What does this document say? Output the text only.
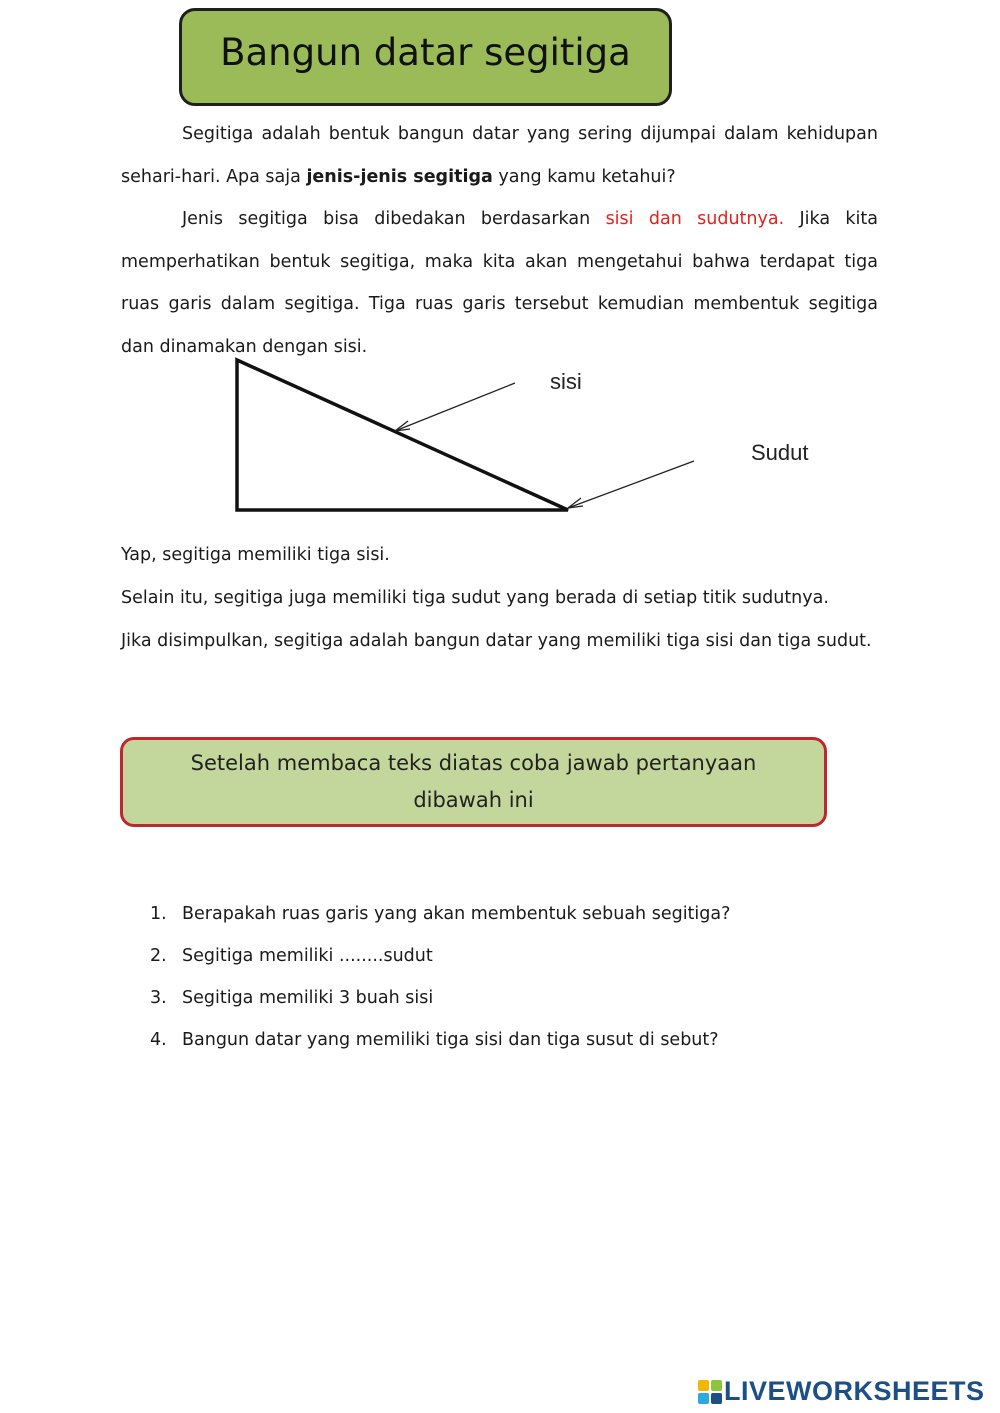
Bangun datar segitiga

Segitiga adalah bentuk bangun datar yang sering dijumpai dalam kehidupan sehari-hari. Apa saja jenis-jenis segitiga yang kamu ketahui?

Jenis segitiga bisa dibedakan berdasarkan sisi dan sudutnya. Jika kita memperhatikan bentuk segitiga, maka kita akan mengetahui bahwa terdapat tiga ruas garis dalam segitiga. Tiga ruas garis tersebut kemudian membentuk segitiga dan dinamakan dengan sisi.

sisi
Sudut

Yap, segitiga memiliki tiga sisi.

Selain itu, segitiga juga memiliki tiga sudut yang berada di setiap titik sudutnya.

Jika disimpulkan, segitiga adalah bangun datar yang memiliki tiga sisi dan tiga sudut.

Setelah membaca teks diatas coba jawab pertanyaan dibawah ini
1. Berapakah ruas garis yang akan membentuk sebuah segitiga?
2. Segitiga memiliki ........sudut
3. Segitiga memiliki 3 buah sisi
4. Bangun datar yang memiliki tiga sisi dan tiga susut di sebut?
LIVEWORKSHEETS
